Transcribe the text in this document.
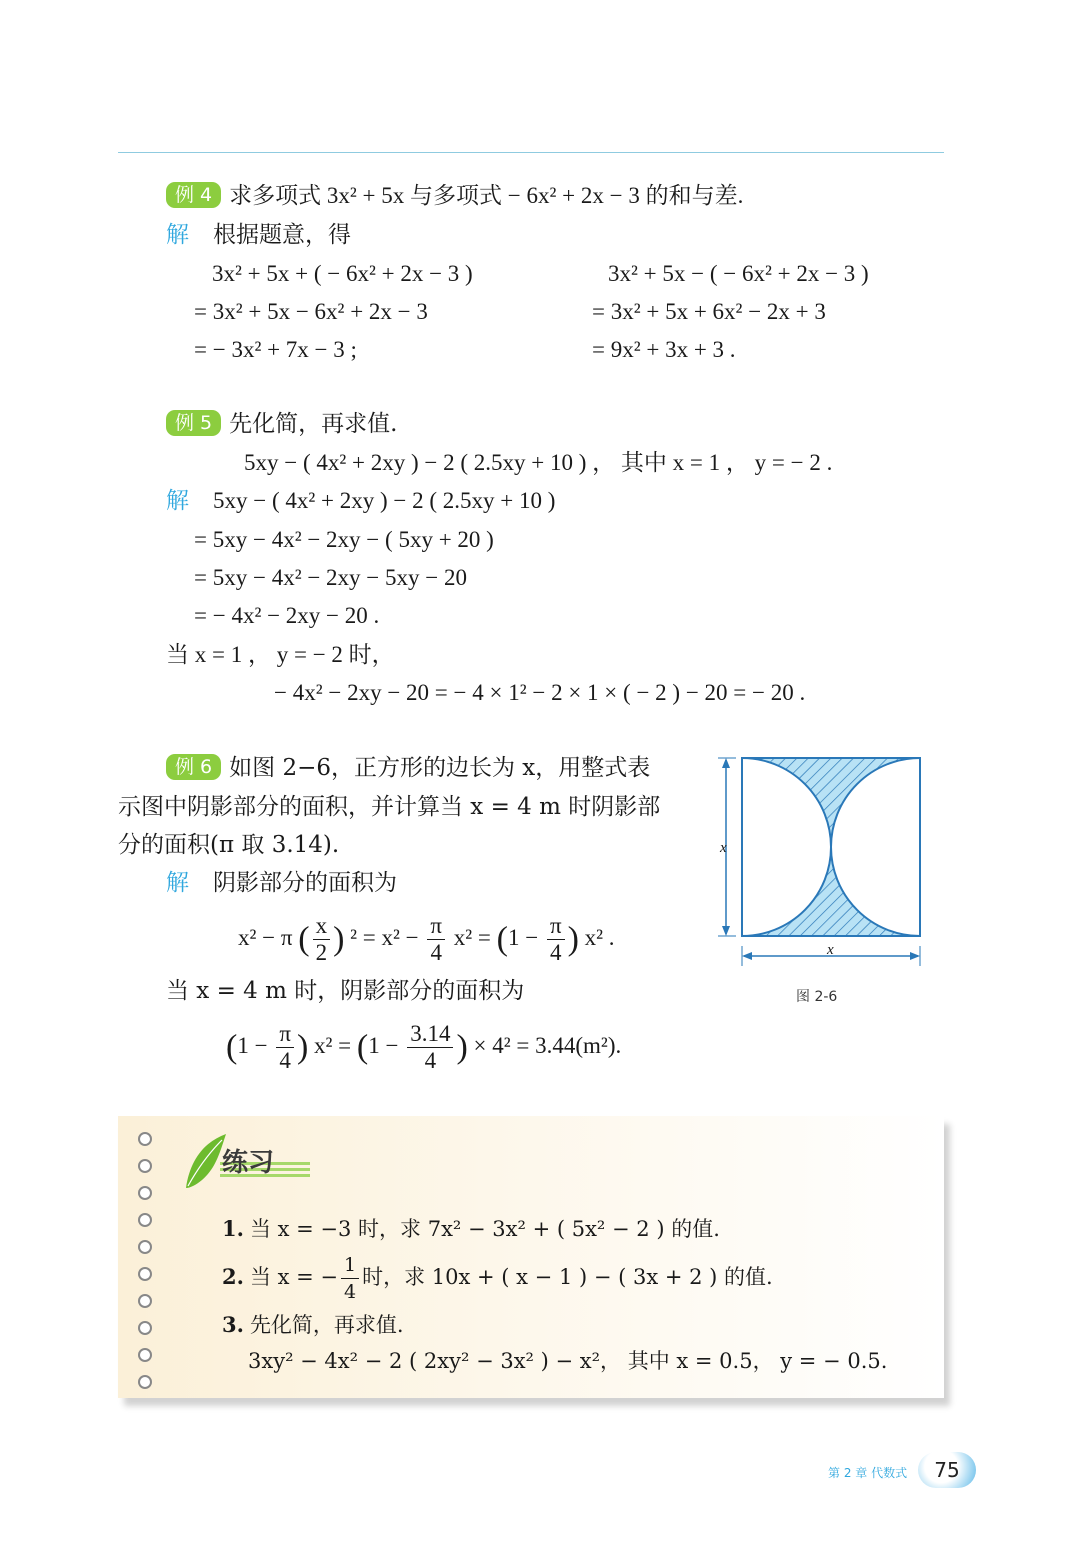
例 4 求多项式 3x² + 5x 与多项式 − 6x² + 2x − 3 的和与差.
解 根据题意，得
3x² + 5x + ( − 6x² + 2x − 3 )
= 3x² + 5x − 6x² + 2x − 3
= − 3x² + 7x − 3 ;
3x² + 5x − ( − 6x² + 2x − 3 )
= 3x² + 5x + 6x² − 2x + 3
= 9x² + 3x + 3 .
例 5 先化简，再求值.
5xy − ( 4x² + 2xy ) − 2 ( 2.5xy + 10 ) ， 其中 x = 1 ， y = − 2 .
解 5xy − ( 4x² + 2xy ) − 2 ( 2.5xy + 10 )
= 5xy − 4x² − 2xy − ( 5xy + 20 )
= 5xy − 4x² − 2xy − 5xy − 20
= − 4x² − 2xy − 20 .
当 x = 1 ， y = − 2 时，
− 4x² − 2xy − 20 = − 4 × 1² − 2 × 1 × ( − 2 ) − 20 = − 20 .
例 6 如图 2−6，正方形的边长为 x，用整式表
示图中阴影部分的面积，并计算当 x = 4 m 时阴影部
分的面积(π 取 3.14).
解 阴影部分的面积为
x² − π ( $\frac{x}{2}$ ) $^2 = x^2 - \frac{\pi}{4} x^2 = (1 - \frac{\pi}{4}$ ) x² .
当 x = 4 m 时，阴影部分的面积为
($1 - \frac{\pi}{4}$ ) $x^2 = (1 - \frac{3.14}{4}$ ) × 4² = 3.44(m²).
x
x
图 2-6
练习
1. 当 x = −3 时，求 7x² − 3x² + ( 5x² − 2 ) 的值.
2. 当 x = − $\frac{1}{4}$ 时，求 10x + ( x − 1 ) − ( 3x + 2 ) 的值.
3. 先化简，再求值.
3xy² − 4x² − 2 ( 2xy² − 3x² ) − x²， 其中 x = 0.5， y = − 0.5.
第 2 章 代数式	75
